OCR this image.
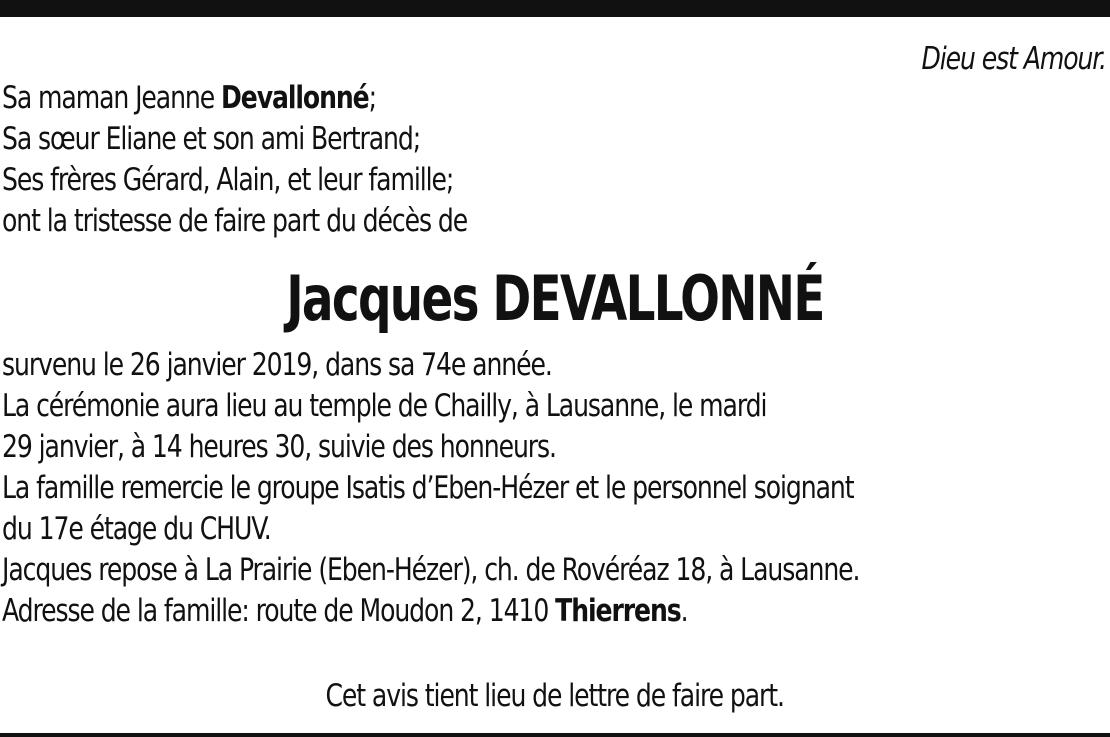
Dieu est Amour.
Sa maman Jeanne Devallonné;
Sa sœur Eliane et son ami Bertrand;
Ses frères Gérard, Alain, et leur famille;
ont la tristesse de faire part du décès de
Jacques DEVALLONNÉ
survenu le 26 janvier 2019, dans sa 74e année.
La cérémonie aura lieu au temple de Chailly, à Lausanne, le mardi
29 janvier, à 14 heures 30, suivie des honneurs.
La famille remercie le groupe Isatis d’Eben-Hézer et le personnel soignant
du 17e étage du CHUV.
Jacques repose à La Prairie (Eben-Hézer), ch. de Rovéréaz 18, à Lausanne.
Adresse de la famille: route de Moudon 2, 1410 Thierrens.
Cet avis tient lieu de lettre de faire part.
